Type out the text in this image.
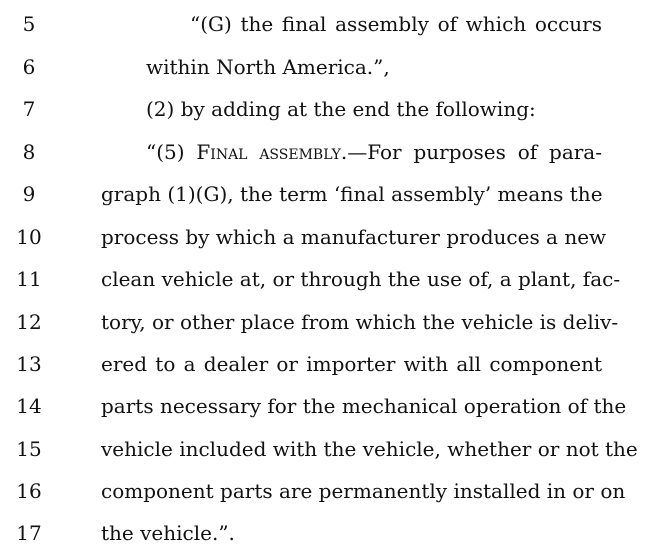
5	“(G) the final assembly of which occurs
6	within North America.”,
7	(2) by adding at the end the following:
8	“(5) Final assembly.—For purposes of para-
9	graph (1)(G), the term ‘final assembly’ means the
10	process by which a manufacturer produces a new
11	clean vehicle at, or through the use of, a plant, fac-
12	tory, or other place from which the vehicle is deliv-
13	ered to a dealer or importer with all component
14	parts necessary for the mechanical operation of the
15	vehicle included with the vehicle, whether or not the
16	component parts are permanently installed in or on
17	the vehicle.”.
